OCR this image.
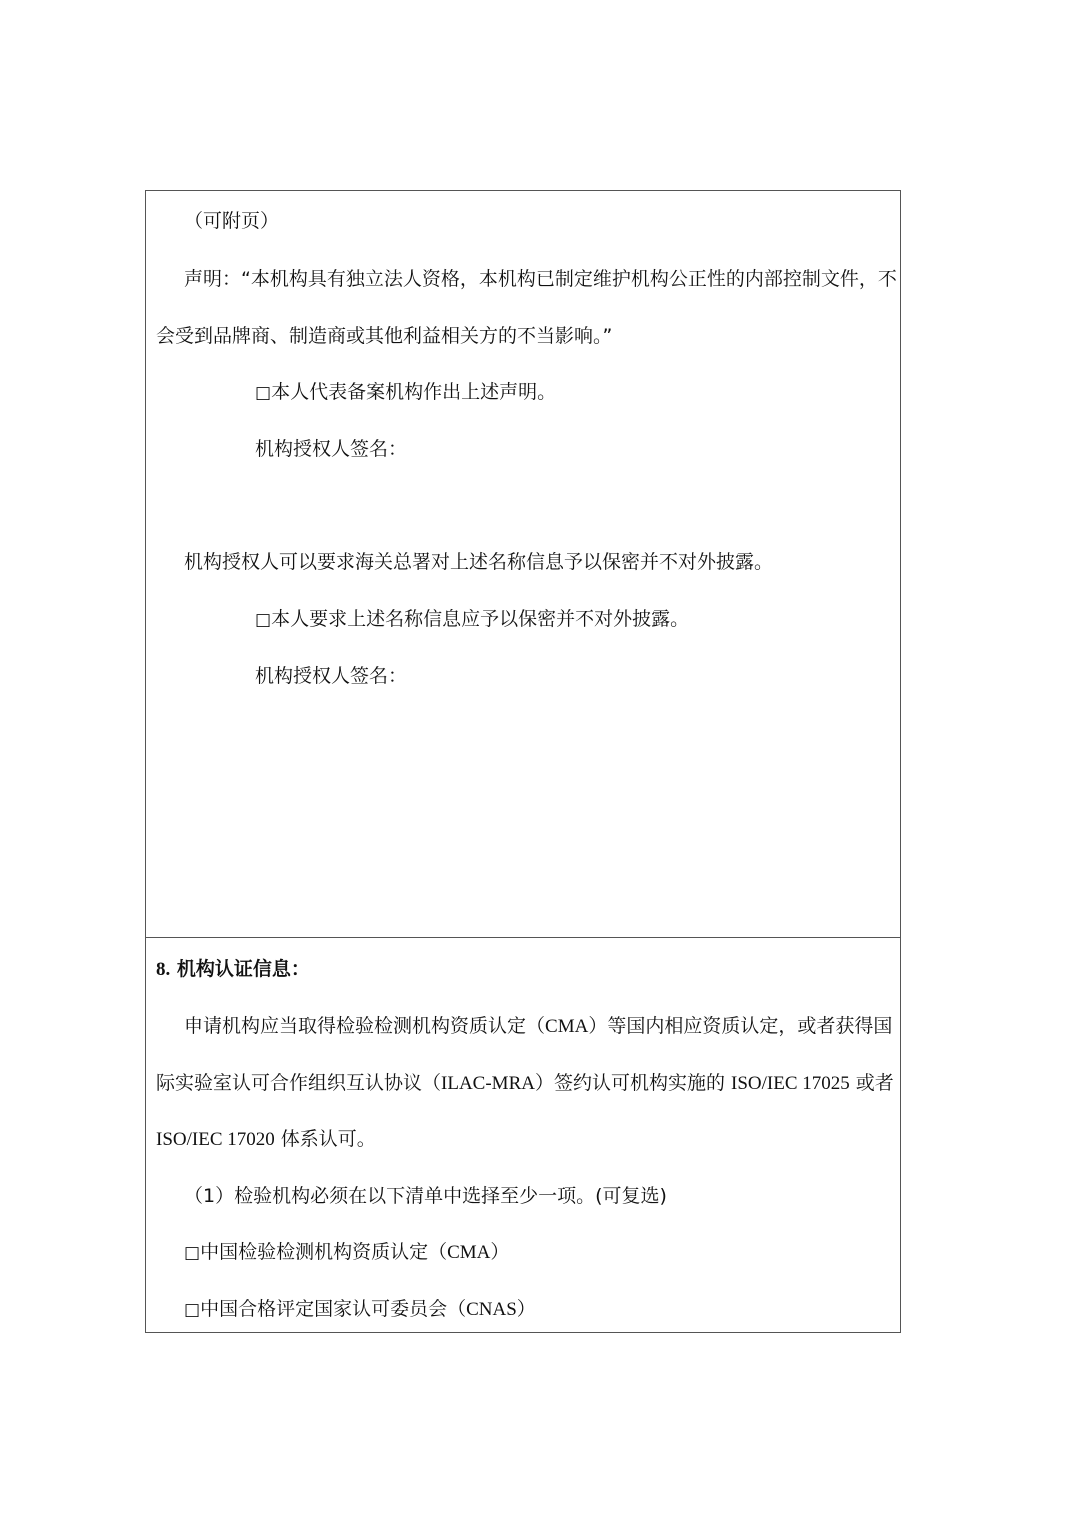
（可附页）
声明：“本机构具有独立法人资格，本机构已制定维护机构公正性的内部控制文件，不
会受到品牌商、制造商或其他利益相关方的不当影响。”
□本人代表备案机构作出上述声明。
机构授权人签名：
机构授权人可以要求海关总署对上述名称信息予以保密并不对外披露。
□本人要求上述名称信息应予以保密并不对外披露。
机构授权人签名：
8. 机构认证信息：
申请机构应当取得检验检测机构资质认定（CMA）等国内相应资质认定，或者获得国
际实验室认可合作组织互认协议（ILAC-MRA）签约认可机构实施的 ISO/IEC 17025 或者
ISO/IEC 17020 体系认可。
（1）检验机构必须在以下清单中选择至少一项。(可复选)
□中国检验检测机构资质认定（CMA）
□中国合格评定国家认可委员会（CNAS）
